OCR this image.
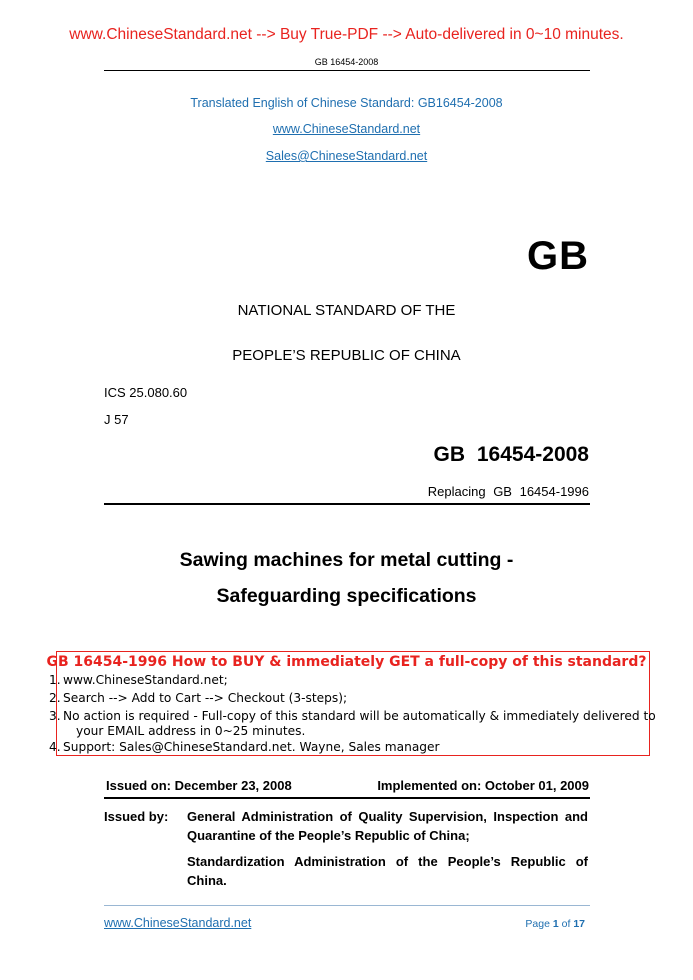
www.ChineseStandard.net --> Buy True-PDF --> Auto-delivered in 0~10 minutes.
GB 16454-2008
Translated English of Chinese Standard: GB16454-2008
www.ChineseStandard.net
Sales@ChineseStandard.net
GB
NATIONAL STANDARD OF THE
PEOPLE’S REPUBLIC OF CHINA
ICS 25.080.60
J 57
GB 16454-2008
Replacing GB 16454-1996
Sawing machines for metal cutting -
Safeguarding specifications
GB 16454-1996 How to BUY & immediately GET a full-copy of this standard?
1. www.ChineseStandard.net;
2. Search --> Add to Cart --> Checkout (3-steps);
3. No action is required - Full-copy of this standard will be automatically & immediately delivered to
your EMAIL address in 0~25 minutes.
4. Support: Sales@ChineseStandard.net. Wayne, Sales manager
Issued on: December 23, 2008	Implemented on: October 01, 2009
Issued by: General Administration of Quality Supervision, Inspection and Quarantine of the People’s Republic of China;
Standardization Administration of the People’s Republic of China.
www.ChineseStandard.net	Page 1 of 17
